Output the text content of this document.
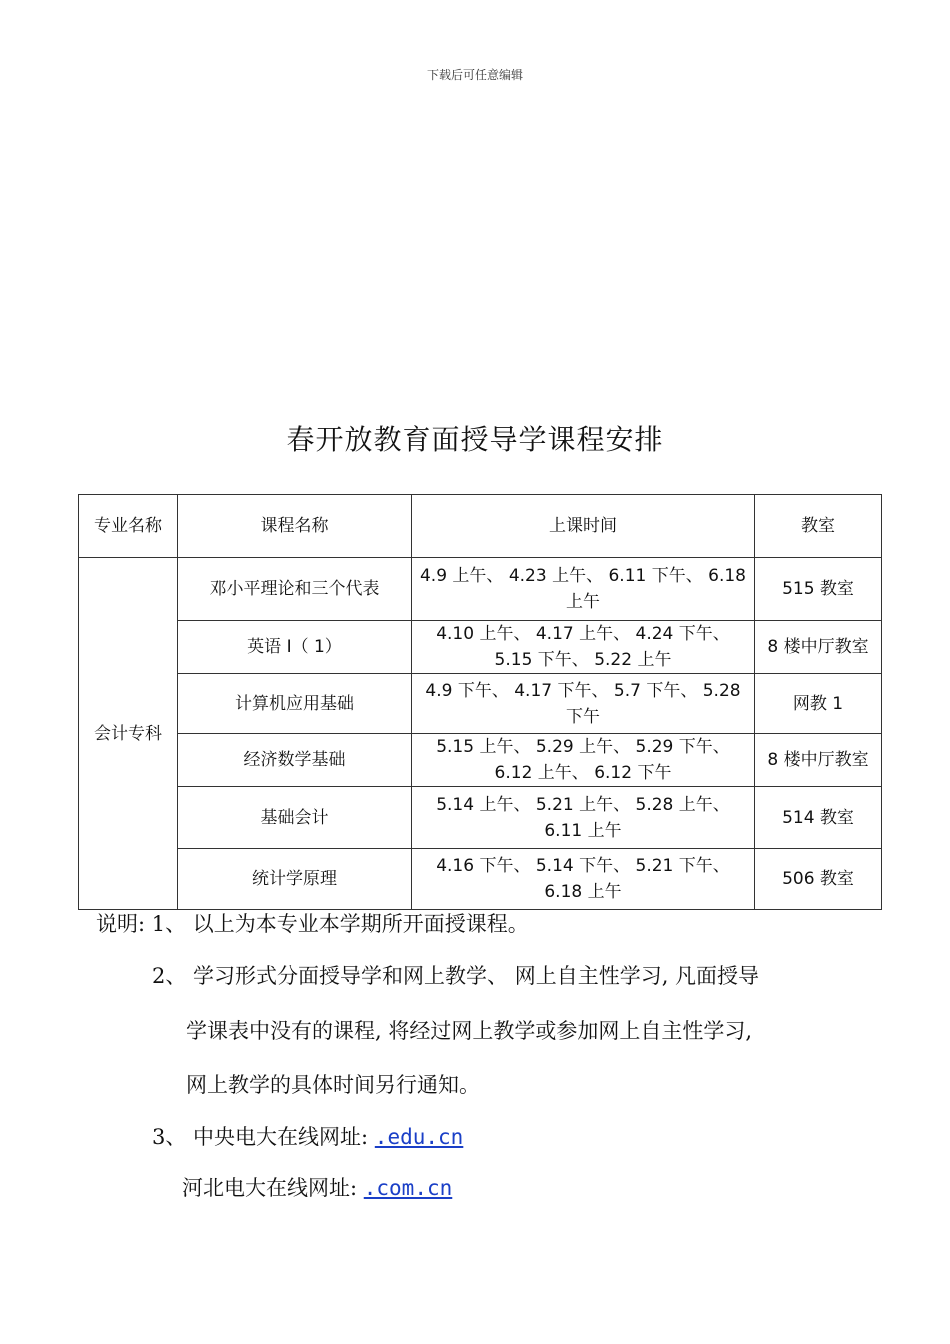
下载后可任意编辑
春开放教育面授导学课程安排
专业名称	课程名称	上课时间	教室
会计专科	邓小平理论和三个代表	4.9 上午、 4.23 上午、 6.11 下午、 6.18 上午	515 教室
	英语 I（ 1）	4.10 上午、 4.17 上午、 4.24 下午、 5.15 下午、 5.22 上午	8 楼中厅教室
	计算机应用基础	4.9 下午、 4.17 下午、 5.7 下午、 5.28 下午	网教 1
	经济数学基础	5.15 上午、 5.29 上午、 5.29 下午、 6.12 上午、 6.12 下午	8 楼中厅教室
	基础会计	5.14 上午、 5.21 上午、 5.28 上午、 6.11 上午	514 教室
	统计学原理	4.16 下午、 5.14 下午、 5.21 下午、 6.18 上午	506 教室
说明: 1、 以上为本专业本学期所开面授课程。
2、 学习形式分面授导学和网上教学、 网上自主性学习, 凡面授导
学课表中没有的课程, 将经过网上教学或参加网上自主性学习,
网上教学的具体时间另行通知。
3、 中央电大在线网址: .edu.cn
河北电大在线网址: .com.cn
